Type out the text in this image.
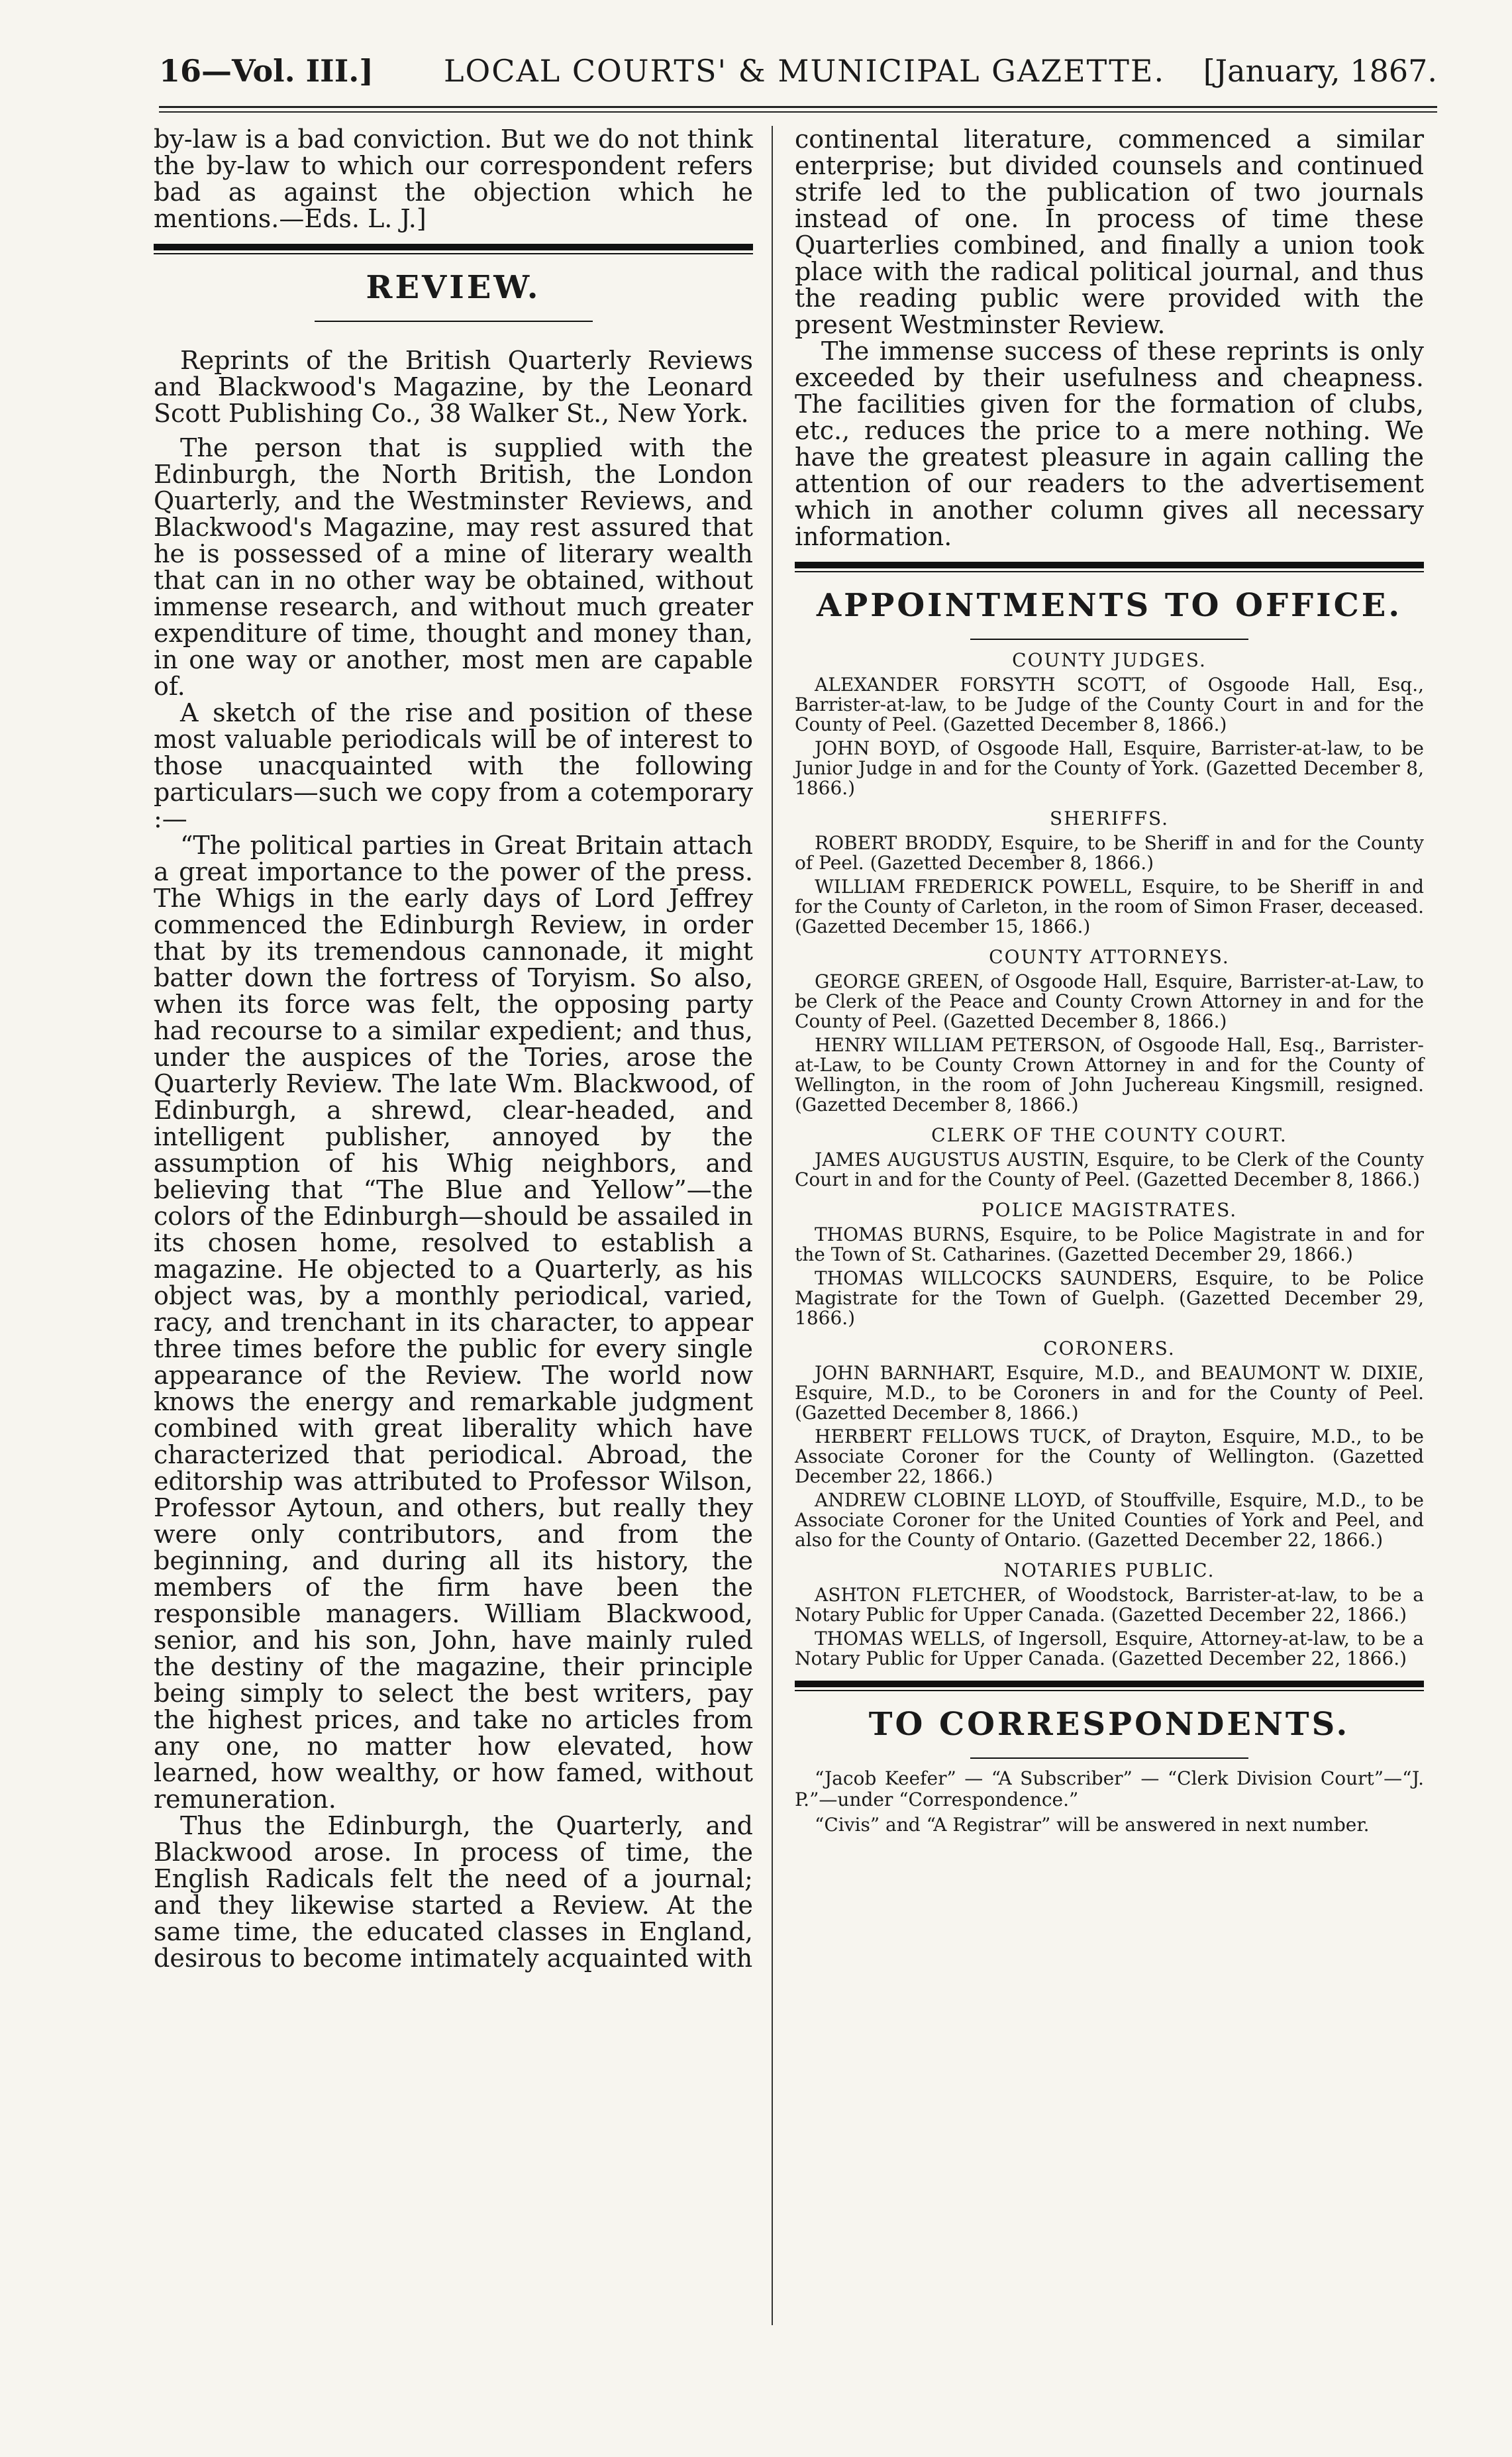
16—Vol. III.] LOCAL COURTS' & MUNICIPAL GAZETTE. [January, 1867.

by-law is a bad conviction. But we do not think the by-law to which our correspondent refers bad as against the objection which he mentions.—Eds. L. J.]

REVIEW.

Reprints of the British Quarterly Reviews and Blackwood's Magazine, by the Leonard Scott Publishing Co., 38 Walker St., New York.

The person that is supplied with the Edinburgh, the North British, the London Quarterly, and the Westminster Reviews, and Blackwood's Magazine, may rest assured that he is possessed of a mine of literary wealth that can in no other way be obtained, without immense research, and without much greater expenditure of time, thought and money than, in one way or another, most men are capable of.

A sketch of the rise and position of these most valuable periodicals will be of interest to those unacquainted with the following particulars—such we copy from a cotemporary :—

“The political parties in Great Britain attach a great importance to the power of the press. The Whigs in the early days of Lord Jeffrey commenced the Edinburgh Review, in order that by its tremendous cannonade, it might batter down the fortress of Toryism. So also, when its force was felt, the opposing party had recourse to a similar expedient; and thus, under the auspices of the Tories, arose the Quarterly Review. The late Wm. Blackwood, of Edinburgh, a shrewd, clear-headed, and intelligent publisher, annoyed by the assumption of his Whig neighbors, and believing that “The Blue and Yellow”—the colors of the Edinburgh—should be assailed in its chosen home, resolved to establish a magazine. He objected to a Quarterly, as his object was, by a monthly periodical, varied, racy, and trenchant in its character, to appear three times before the public for every single appearance of the Review. The world now knows the energy and remarkable judgment combined with great liberality which have characterized that periodical. Abroad, the editorship was attributed to Professor Wilson, Professor Aytoun, and others, but really they were only contributors, and from the beginning, and during all its history, the members of the firm have been the responsible managers. William Blackwood, senior, and his son, John, have mainly ruled the destiny of the magazine, their principle being simply to select the best writers, pay the highest prices, and take no articles from any one, no matter how elevated, how learned, how wealthy, or how famed, without remuneration.

Thus the Edinburgh, the Quarterly, and Blackwood arose. In process of time, the English Radicals felt the need of a journal; and they likewise started a Review. At the same time, the educated classes in England, desirous to become intimately acquainted with

continental literature, commenced a similar enterprise; but divided counsels and continued strife led to the publication of two journals instead of one. In process of time these Quarterlies combined, and finally a union took place with the radical political journal, and thus the reading public were provided with the present Westminster Review.

The immense success of these reprints is only exceeded by their usefulness and cheapness. The facilities given for the formation of clubs, etc., reduces the price to a mere nothing. We have the greatest pleasure in again calling the attention of our readers to the advertisement which in another column gives all necessary information.

APPOINTMENTS TO OFFICE.
COUNTY JUDGES.

ALEXANDER FORSYTH SCOTT, of Osgoode Hall, Esq., Barrister-at-law, to be Judge of the County Court in and for the County of Peel. (Gazetted December 8, 1866.)

JOHN BOYD, of Osgoode Hall, Esquire, Barrister-at-law, to be Junior Judge in and for the County of York. (Gazetted December 8, 1866.)

SHERIFFS.

ROBERT BRODDY, Esquire, to be Sheriff in and for the County of Peel. (Gazetted December 8, 1866.)

WILLIAM FREDERICK POWELL, Esquire, to be Sheriff in and for the County of Carleton, in the room of Simon Fraser, deceased. (Gazetted December 15, 1866.)

COUNTY ATTORNEYS.

GEORGE GREEN, of Osgoode Hall, Esquire, Barrister-at-Law, to be Clerk of the Peace and County Crown Attorney in and for the County of Peel. (Gazetted December 8, 1866.)

HENRY WILLIAM PETERSON, of Osgoode Hall, Esq., Barrister-at-Law, to be County Crown Attorney in and for the County of Wellington, in the room of John Juchereau Kingsmill, resigned. (Gazetted December 8, 1866.)

CLERK OF THE COUNTY COURT.

JAMES AUGUSTUS AUSTIN, Esquire, to be Clerk of the County Court in and for the County of Peel. (Gazetted December 8, 1866.)

POLICE MAGISTRATES.

THOMAS BURNS, Esquire, to be Police Magistrate in and for the Town of St. Catharines. (Gazetted December 29, 1866.)

THOMAS WILLCOCKS SAUNDERS, Esquire, to be Police Magistrate for the Town of Guelph. (Gazetted December 29, 1866.)

CORONERS.

JOHN BARNHART, Esquire, M.D., and BEAUMONT W. DIXIE, Esquire, M.D., to be Coroners in and for the County of Peel. (Gazetted December 8, 1866.)

HERBERT FELLOWS TUCK, of Drayton, Esquire, M.D., to be Associate Coroner for the County of Wellington. (Gazetted December 22, 1866.)

ANDREW CLOBINE LLOYD, of Stouffville, Esquire, M.D., to be Associate Coroner for the United Counties of York and Peel, and also for the County of Ontario. (Gazetted December 22, 1866.)

NOTARIES PUBLIC.

ASHTON FLETCHER, of Woodstock, Barrister-at-law, to be a Notary Public for Upper Canada. (Gazetted December 22, 1866.)

THOMAS WELLS, of Ingersoll, Esquire, Attorney-at-law, to be a Notary Public for Upper Canada. (Gazetted December 22, 1866.)

TO CORRESPONDENTS.

“Jacob Keefer” — “A Subscriber” — “Clerk Division Court”—“J. P.”—under “Correspondence.”

“Civis” and “A Registrar” will be answered in next number.
